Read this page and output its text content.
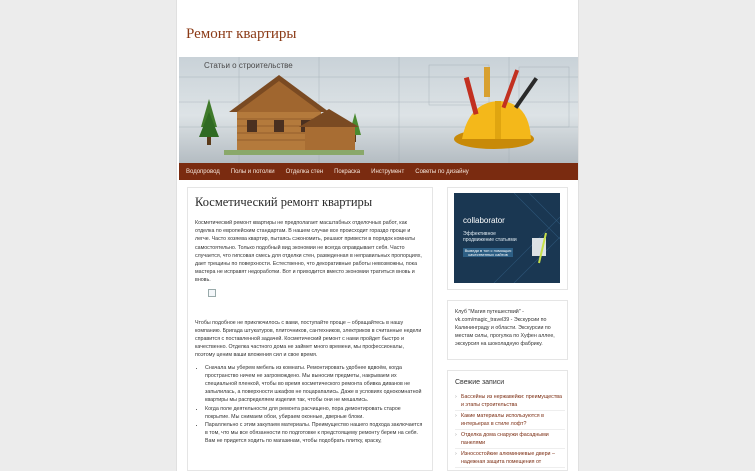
Ремонт квартиры
Статьи о строительстве
Водопровод Полы и потолки Отделка стен Покраска Инструмент Советы по дизайну
Косметический ремонт квартиры

Косметический ремонт квартиры не предполагает масштабных отделочных работ, как отделка по европейским стандартам. В нашем случае все происходит гораздо проще и легче. Часто хозяева квартир, пытаясь сэкономить, решают привести в порядок комнаты самостоятельно. Только подобный вид экономии не всегда оправдывает себя. Часто случается, что гипсовая смесь для отделки стен, разведенная в неправильных пропорциях, дает трещины по поверхности. Естественно, что декоративные работы невозможны, пока мастера не исправят недоработки. Вот и приходится вместо экономии тратиться вновь и вновь.

Чтобы подобное не приключилось с вами, поступайте проще – обращайтесь в нашу компанию. Бригада штукатуров, плиточников, сантехников, электриков в считанные недели справится с поставленной задачей. Косметический ремонт с нами пройдет быстро и качественно. Отделка частного дома не займет много времени, мы профессионалы, поэтому ценим ваши вложения сил и свое время.

• Сначала мы уберем мебель из комнаты. Ремонтировать удобнее вдвоём, когда пространство ничем не загромождено. Мы выносим предметы, накрываем их специальной пленкой, чтобы во время косметического ремонта обивка диванов не запылилась, а поверхности шкафов не поцарапались. Даже в условиях однокомнатной квартиры мы распределяем изделия так, чтобы они не мешались.
• Когда поле деятельности для ремонта расчищено, пора демонтировать старое покрытие. Мы снимаем обои, убираем оконные, дверные блоки.
• Параллельно с этим закупаем материалы. Преимущество нашего подхода заключается в том, что мы все обязанности по подготовке к предстоящему ремонту берем на себя. Вам не придется ходить по магазинам, чтобы подобрать плитку, краску,
collaborator
Эффективное
продвижение статьями
Выведи в топ с помощью качественных сайтов
Клуб "Магия путешествий" - vk.com/magic_travel39 - Экскурсии по Калининграду и области. Экскурсии по местам силы, прогулка по Хуфен аллее, экскурсия на шоколадную фабрику.
Свежие записи
› Бассейны из нержавейки: преимущества и этапы строительства
› Какие материалы используются в интерьерах в стиле лофт?
› Отделка дома снаружи фасадными панелями
› Износостойкие алюминиевые двери – надежная защита помещения от
